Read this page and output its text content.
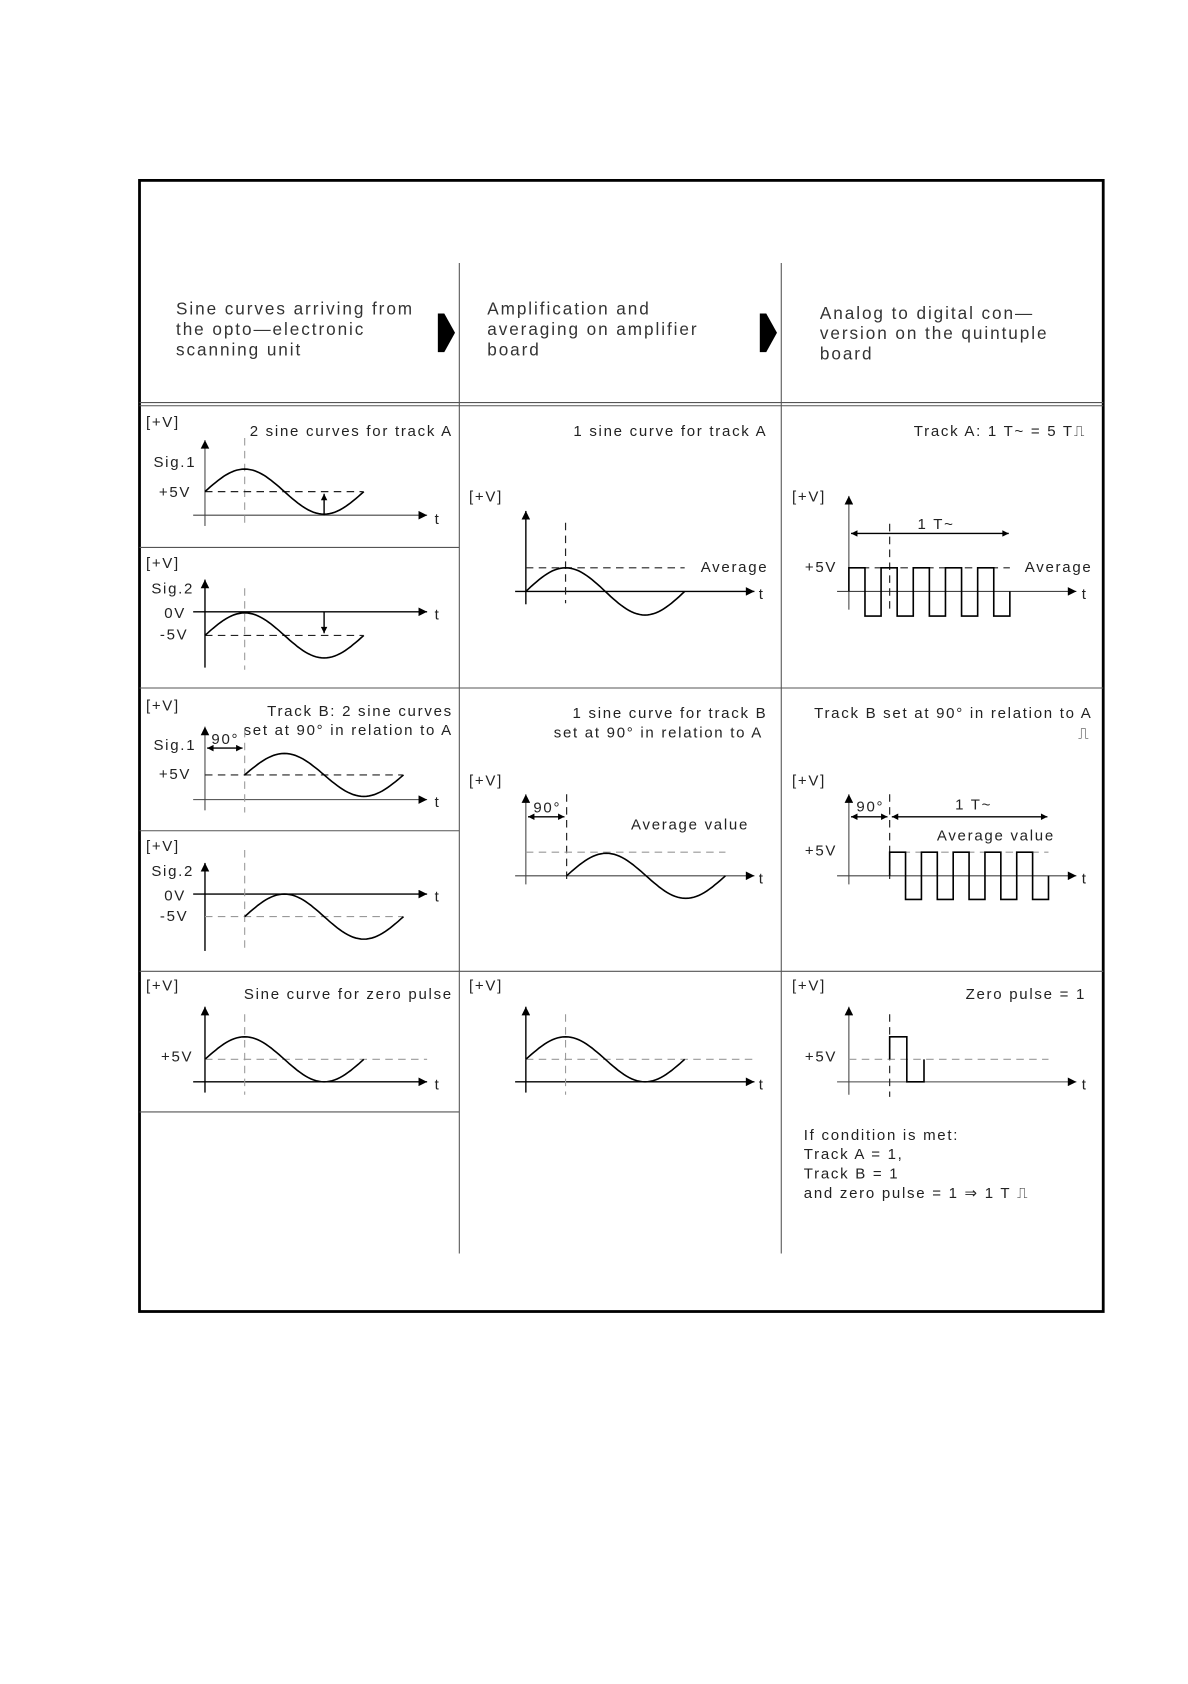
Sine curves arriving from
the opto—electronic
scanning unit
Amplification and
averaging on amplifier
board
Analog to digital con—
version on the quintuple
board
[+V]
2 sine curves for track A
Sig.1
+5V
t
[+V]
Sig.2
0V
-5V
t
1 sine curve for track A
[+V]
t
Average
Track A: 1 T~ = 5 T⎍
[+V]
t
1 T~
+5V	Average
[+V]	Track B: 2 sine curves
set at 90° in relation to A
Sig.1 90°
+5V
t
[+V]
Sig.2
0V
-5V
t
1 sine curve for track B
set at 90° in relation to A
[+V]
t
90°
Average value
Track B set at 90° in relation to A
⎍
[+V]
t
90°	1 T~
Average value
+5V
[+V]
Sine curve for zero pulse
+5V
t
[+V]
t
[+V]
Zero pulse = 1
+5V
t
If condition is met:
Track A = 1,
Track B = 1
and zero pulse = 1 ⇒ 1 T ⎍
